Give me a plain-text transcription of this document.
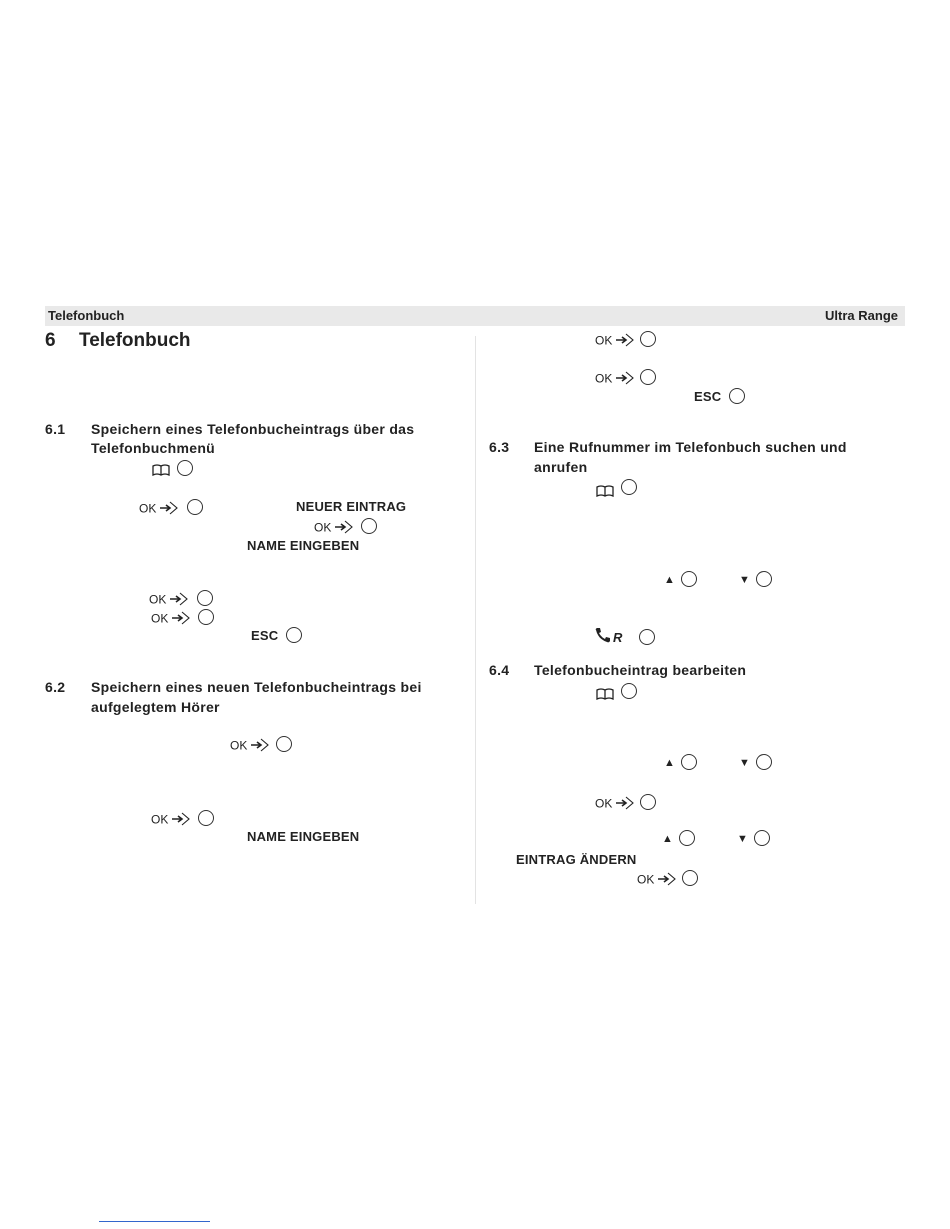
Telefonbuch	Ultra Range
6 Telefonbuch
6.1 Speichern eines Telefonbucheintrags über das
Telefonbuchmenü
6.2 Speichern eines neuen Telefonbucheintrags bei
aufgelegtem Hörer
6.3 Eine Rufnummer im Telefonbuch suchen und
anrufen
6.4 Telefonbucheintrag bearbeiten
NEUER EINTRAG
NAME EINGEBEN
ESC
NAME EINGEBEN
ESC
EINTRAG ÄNDERN
OK
OK
OK
OK
OK
OK
OK
OK
OK
OK
▲	▼
▲	▼
▲	▼
R
